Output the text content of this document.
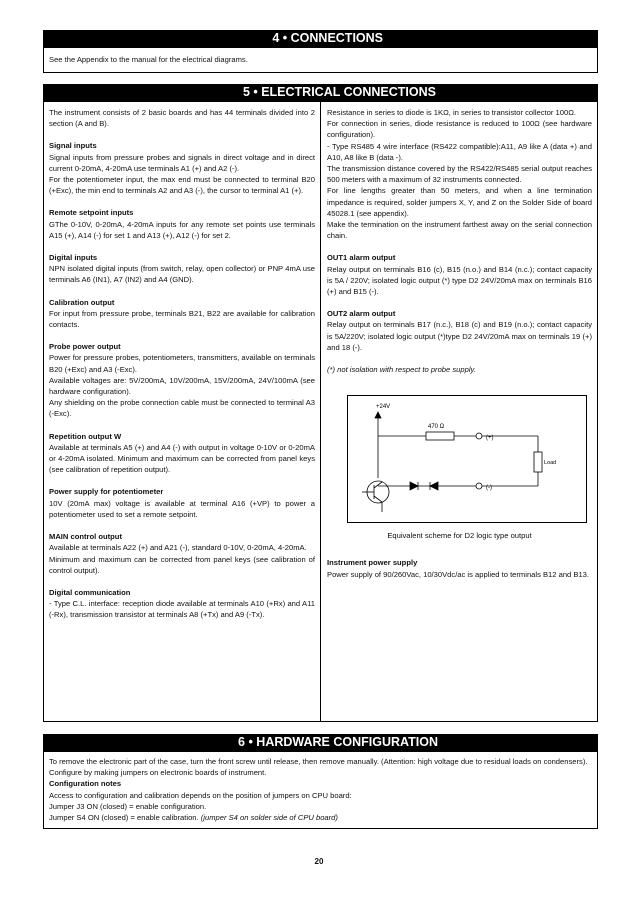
4 • CONNECTIONS
See the Appendix to the manual for the electrical diagrams.
5 • ELECTRICAL CONNECTIONS
The instrument consists of 2 basic boards and has 44 terminals divided into 2 section (A and B).
Signal inputs
Signal inputs from pressure probes and signals in direct voltage and in direct current 0-20mA, 4-20mA use terminals A1 (+) and A2 (-).
For the potentiometer input, the max end must be connected to terminal B20 (+Exc), the min end to terminals A2 and A3 (-), the cursor to terminal A1 (+).
Remote setpoint inputs
GThe 0-10V, 0-20mA, 4-20mA inputs for any remote set points use terminals A15 (+), A14 (-) for set 1 and A13 (+), A12 (-) for set 2.
Digital inputs
NPN isolated digital inputs (from switch, relay, open collector) or PNP 4mA use terminals A6 (IN1), A7 (IN2) and A4 (GND).
Calibration output
For input from pressure probe, terminals B21, B22 are available for calibration contacts.
Probe power output
Power for pressure probes, potentiometers, transmitters, available on terminals B20 (+Exc) and A3 (-Exc).
Available voltages are: 5V/200mA, 10V/200mA, 15V/200mA, 24V/100mA (see hardware configuration).
Any shielding on the probe connection cable must be connected to terminal A3 (-Exc).
Repetition output W
Available at terminals A5 (+) and A4 (-) with output in voltage 0-10V or 0-20mA or 4-20mA isolated. Minimum and maximum can be corrected from panel keys (see calibration of repetition output).
Power supply for potentiometer
10V (20mA max) voltage is available at terminal A16 (+VP) to power a potentiometer used to set a remote setpoint.
MAIN control output
Available at terminals A22 (+) and A21 (-), standard 0-10V, 0-20mA, 4-20mA.
Minimum and maximum can be corrected from panel keys (see calibration of control output).
Digital communication
- Type C.L. interface: reception diode available at terminals A10 (+Rx) and A11 (-Rx), transmission transistor at terminals A8 (+Tx) and A9 (-Tx).
Resistance in series to diode is 1KΩ, in series to transistor collector 100Ω.
For connection in series, diode resistance is reduced to 100Ω (see hardware configuration).
- Type RS485 4 wire interface (RS422 compatible):A11, A9 like A (data +) and A10, A8 like B (data -).
The transmission distance covered by the RS422/RS485 serial output reaches 500 meters with a maximum of 32 instruments connected.
For line lengths greater than 50 meters, and when a line termination impedance is required, solder jumpers X, Y, and Z on the Solder Side of board 45028.1 (see appendix).
Make the termination on the instrument farthest away on the serial connection chain.
OUT1 alarm output
Relay output on terminals B16 (c), B15 (n.o.) and B14 (n.c.); contact capacity is 5A / 220V; isolated logic output (*) type D2 24V/20mA max on terminals B16 (+) and B15 (-).
OUT2 alarm output
Relay output on terminals B17 (n.c.), B18 (c) and B19 (n.o.); contact capacity is 5A/220V; isolated logic output (*)type D2 24V/20mA max on terminals 19 (+) and 18 (-).
(*) not isolation with respect to probe supply.
+24V
470 Ω
(+)
(-)
Load
Equivalent scheme for D2 logic type output
Instrument power supply
Power supply of 90/260Vac, 10/30Vdc/ac is applied to terminals B12 and B13.
6 • HARDWARE CONFIGURATION
To remove the electronic part of the case, turn the front screw until release, then remove manually. (Attention: high voltage due to residual loads on condensers). Configure by making jumpers on electronic boards of instrument.
Configuration notes
Access to configuration and calibration depends on the position of jumpers on CPU board:
Jumper J3 ON (closed) = enable configuration.
Jumper S4 ON (closed) = enable calibration. (jumper S4 on solder side of CPU board)
20
